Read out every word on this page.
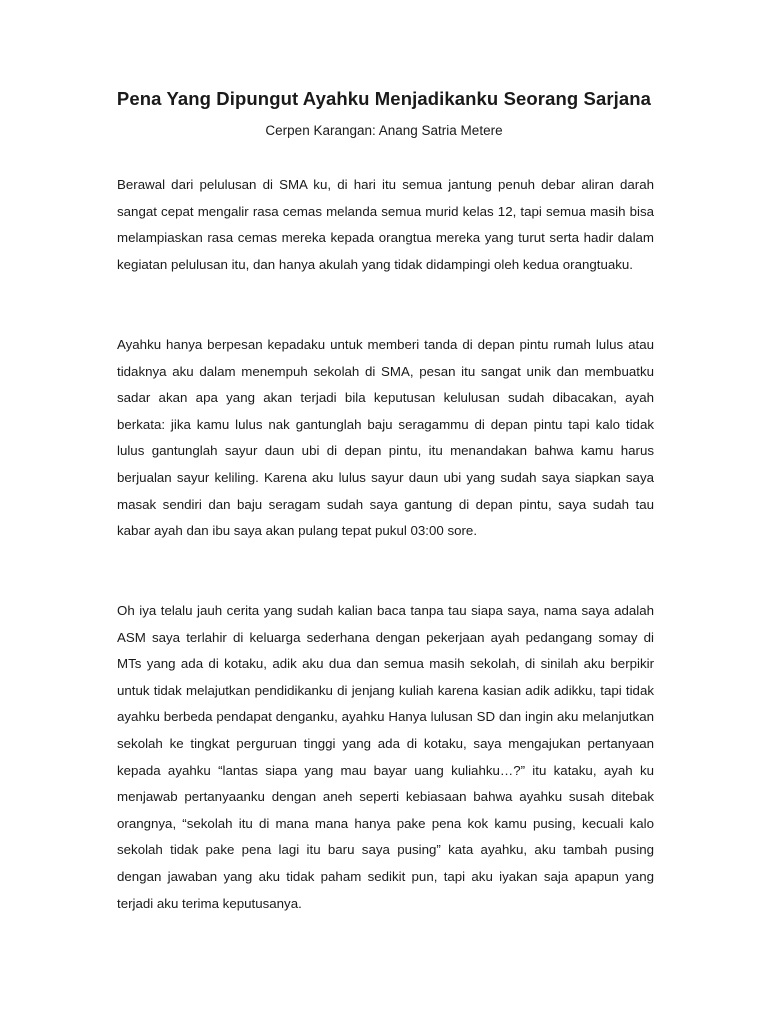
Pena Yang Dipungut Ayahku Menjadikanku Seorang Sarjana

Cerpen Karangan: Anang Satria Metere

Berawal dari pelulusan di SMA ku, di hari itu semua jantung penuh debar aliran darah sangat cepat mengalir rasa cemas melanda semua murid kelas 12, tapi semua masih bisa melampiaskan rasa cemas mereka kepada orangtua mereka yang turut serta hadir dalam kegiatan pelulusan itu, dan hanya akulah yang tidak didampingi oleh kedua orangtuaku.

Ayahku hanya berpesan kepadaku untuk memberi tanda di depan pintu rumah lulus atau tidaknya aku dalam menempuh sekolah di SMA, pesan itu sangat unik dan membuatku sadar akan apa yang akan terjadi bila keputusan kelulusan sudah dibacakan, ayah berkata: jika kamu lulus nak gantunglah baju seragammu di depan pintu tapi kalo tidak lulus gantunglah sayur daun ubi di depan pintu, itu menandakan bahwa kamu harus berjualan sayur keliling. Karena aku lulus sayur daun ubi yang sudah saya siapkan saya masak sendiri dan baju seragam sudah saya gantung di depan pintu, saya sudah tau kabar ayah dan ibu saya akan pulang tepat pukul 03:00 sore.

Oh iya telalu jauh cerita yang sudah kalian baca tanpa tau siapa saya, nama saya adalah ASM saya terlahir di keluarga sederhana dengan pekerjaan ayah pedangang somay di MTs yang ada di kotaku, adik aku dua dan semua masih sekolah, di sinilah aku berpikir untuk tidak melajutkan pendidikanku di jenjang kuliah karena kasian adik adikku, tapi tidak ayahku berbeda pendapat denganku, ayahku Hanya lulusan SD dan ingin aku melanjutkan sekolah ke tingkat perguruan tinggi yang ada di kotaku, saya mengajukan pertanyaan kepada ayahku “lantas siapa yang mau bayar uang kuliahku…?” itu kataku, ayah ku menjawab pertanyaanku dengan aneh seperti kebiasaan bahwa ayahku susah ditebak orangnya, “sekolah itu di mana mana hanya pake pena kok kamu pusing, kecuali kalo sekolah tidak pake pena lagi itu baru saya pusing” kata ayahku, aku tambah pusing dengan jawaban yang aku tidak paham sedikit pun, tapi aku iyakan saja apapun yang terjadi aku terima keputusanya.
